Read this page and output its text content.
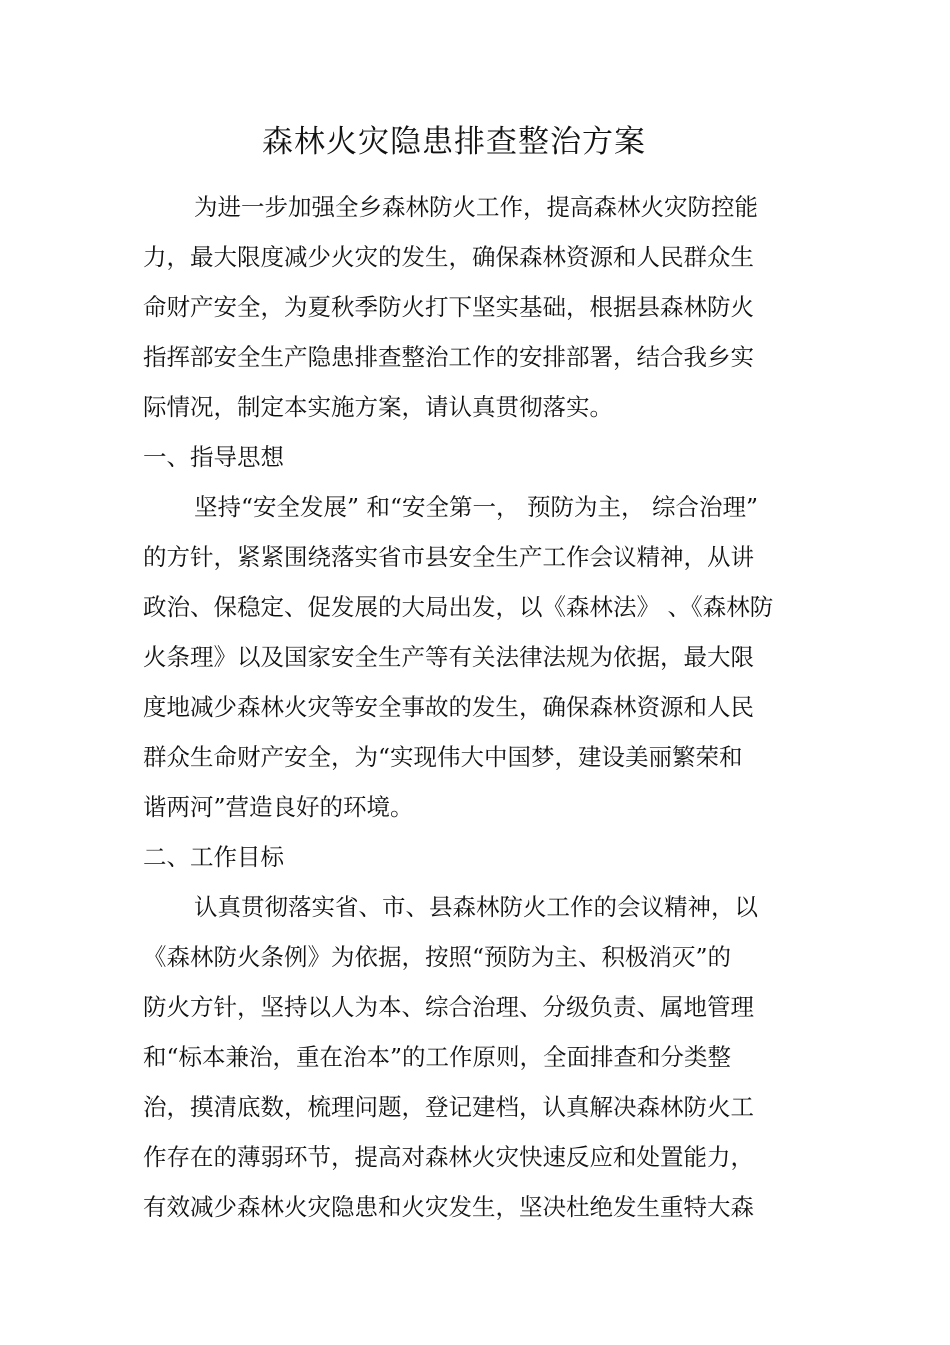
森林火灾隐患排查整治方案
为进一步加强全乡森林防火工作，提高森林火灾防控能
力，最大限度减少火灾的发生，确保森林资源和人民群众生
命财产安全，为夏秋季防火打下坚实基础，根据县森林防火
指挥部安全生产隐患排查整治工作的安排部署，结合我乡实
际情况，制定本实施方案，请认真贯彻落实。
一、指导思想
坚持“安全发展” 和“安全第一， 预防为主， 综合治理”
的方针，紧紧围绕落实省市县安全生产工作会议精神，从讲
政治、保稳定、促发展的大局出发，以《森林法》 、《森林防
火条理》以及国家安全生产等有关法律法规为依据，最大限
度地减少森林火灾等安全事故的发生，确保森林资源和人民
群众生命财产安全，为“实现伟大中国梦，建设美丽繁荣和
谐两河”营造良好的环境。
二、工作目标
认真贯彻落实省、市、县森林防火工作的会议精神，以
《森林防火条例》为依据，按照“预防为主、积极消灭”的
防火方针，坚持以人为本、综合治理、分级负责、属地管理
和“标本兼治，重在治本”的工作原则，全面排查和分类整
治，摸清底数，梳理问题，登记建档，认真解决森林防火工
作存在的薄弱环节，提高对森林火灾快速反应和处置能力，
有效减少森林火灾隐患和火灾发生，坚决杜绝发生重特大森
